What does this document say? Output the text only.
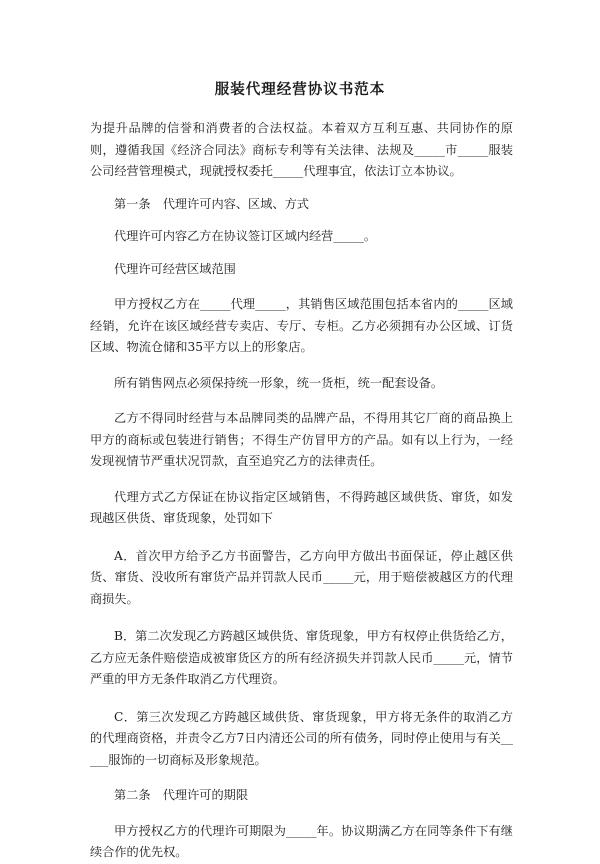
服装代理经营协议书范本

为提升品牌的信誉和消费者的合法权益。本着双方互利互惠、共同协作的原则，遵循我国《经济合同法》商标专利等有关法律、法规及_____市_____服装公司经营管理模式，现就授权委托_____代理事宜，依法订立本协议。

第一条　代理许可内容、区域、方式

代理许可内容乙方在协议签订区域内经营_____。

代理许可经营区域范围

甲方授权乙方在_____代理_____，其销售区域范围包括本省内的_____区域经销，允许在该区域经营专卖店、专厅、专柜。乙方必须拥有办公区域、订货区域、物流仓储和35平方以上的形象店。

所有销售网点必须保持统一形象，统一货柜，统一配套设备。

乙方不得同时经营与本品牌同类的品牌产品，不得用其它厂商的商品换上甲方的商标或包装进行销售；不得生产仿冒甲方的产品。如有以上行为，一经发现视情节严重状况罚款，直至追究乙方的法律责任。

代理方式乙方保证在协议指定区域销售，不得跨越区域供货、窜货，如发现越区供货、窜货现象，处罚如下

A．首次甲方给予乙方书面警告，乙方向甲方做出书面保证，停止越区供货、窜货、没收所有窜货产品并罚款人民币_____元，用于赔偿被越区方的代理商损失。

B．第二次发现乙方跨越区域供货、窜货现象，甲方有权停止供货给乙方，乙方应无条件赔偿造成被窜货区方的所有经济损失并罚款人民币_____元，情节严重的甲方无条件取消乙方代理资。

C．第三次发现乙方跨越区域供货、窜货现象，甲方将无条件的取消乙方的代理商资格，并责令乙方7日内清还公司的所有债务，同时停止使用与有关_____服饰的一切商标及形象规范。

第二条　代理许可的期限

甲方授权乙方的代理许可期限为_____年。协议期满乙方在同等条件下有继续合作的优先权。
